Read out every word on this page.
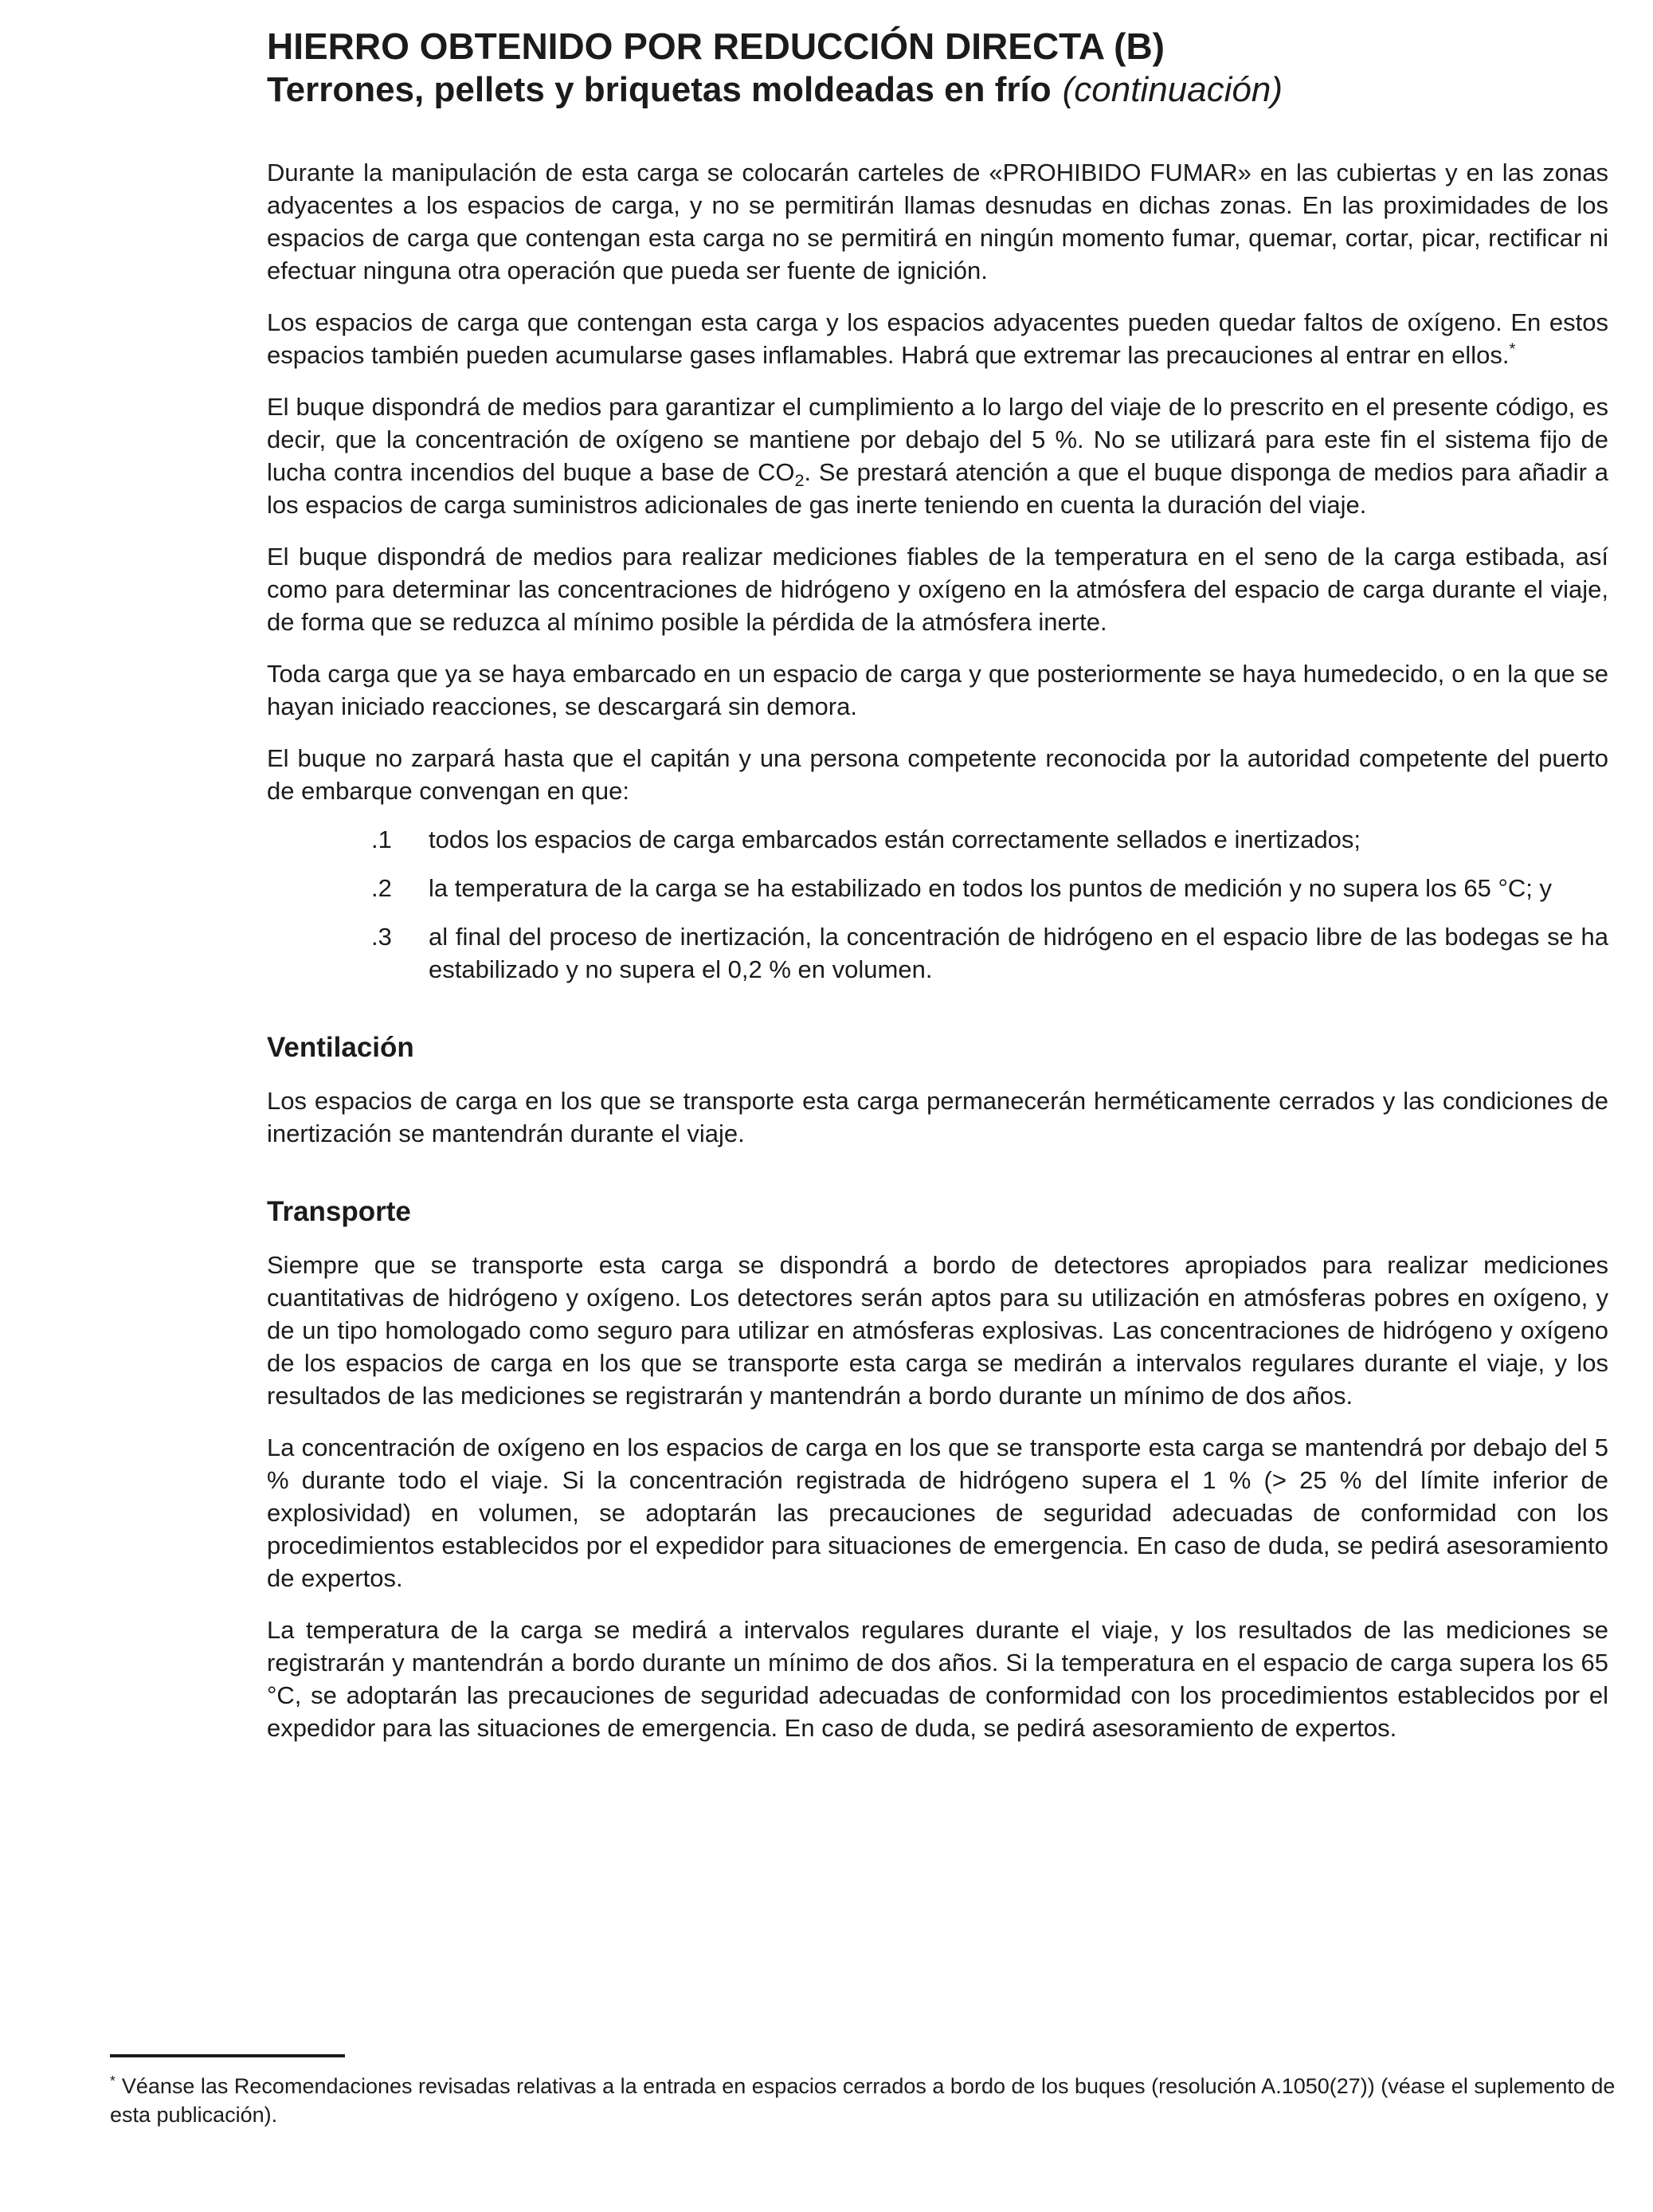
HIERRO OBTENIDO POR REDUCCIÓN DIRECTA (B)
Terrones, pellets y briquetas moldeadas en frío (continuación)

Durante la manipulación de esta carga se colocarán carteles de «PROHIBIDO FUMAR» en las cubiertas y en las zonas adyacentes a los espacios de carga, y no se permitirán llamas desnudas en dichas zonas. En las proximidades de los espacios de carga que contengan esta carga no se permitirá en ningún momento fumar, quemar, cortar, picar, rectificar ni efectuar ninguna otra operación que pueda ser fuente de ignición.

Los espacios de carga que contengan esta carga y los espacios adyacentes pueden quedar faltos de oxígeno. En estos espacios también pueden acumularse gases inflamables. Habrá que extremar las precauciones al entrar en ellos.*

El buque dispondrá de medios para garantizar el cumplimiento a lo largo del viaje de lo prescrito en el presente código, es decir, que la concentración de oxígeno se mantiene por debajo del 5 %. No se utilizará para este fin el sistema fijo de lucha contra incendios del buque a base de $CO_2$. Se prestará atención a que el buque disponga de medios para añadir a los espacios de carga suministros adicionales de gas inerte teniendo en cuenta la duración del viaje.

El buque dispondrá de medios para realizar mediciones fiables de la temperatura en el seno de la carga estibada, así como para determinar las concentraciones de hidrógeno y oxígeno en la atmósfera del espacio de carga durante el viaje, de forma que se reduzca al mínimo posible la pérdida de la atmósfera inerte.

Toda carga que ya se haya embarcado en un espacio de carga y que posteriormente se haya humedecido, o en la que se hayan iniciado reacciones, se descargará sin demora.

El buque no zarpará hasta que el capitán y una persona competente reconocida por la autoridad competente del puerto de embarque convengan en que:

.1	todos los espacios de carga embarcados están correctamente sellados e inertizados;
.2	la temperatura de la carga se ha estabilizado en todos los puntos de medición y no supera los 65 °C; y
.3	al final del proceso de inertización, la concentración de hidrógeno en el espacio libre de las bodegas se ha estabilizado y no supera el 0,2 % en volumen.
Ventilación

Los espacios de carga en los que se transporte esta carga permanecerán herméticamente cerrados y las condiciones de inertización se mantendrán durante el viaje.

Transporte

Siempre que se transporte esta carga se dispondrá a bordo de detectores apropiados para realizar mediciones cuantitativas de hidrógeno y oxígeno. Los detectores serán aptos para su utilización en atmósferas pobres en oxígeno, y de un tipo homologado como seguro para utilizar en atmósferas explosivas. Las concentraciones de hidrógeno y oxígeno de los espacios de carga en los que se transporte esta carga se medirán a intervalos regulares durante el viaje, y los resultados de las mediciones se registrarán y mantendrán a bordo durante un mínimo de dos años.

La concentración de oxígeno en los espacios de carga en los que se transporte esta carga se mantendrá por debajo del 5 % durante todo el viaje. Si la concentración registrada de hidrógeno supera el 1 % (> 25 % del límite inferior de explosividad) en volumen, se adoptarán las precauciones de seguridad adecuadas de conformidad con los procedimientos establecidos por el expedidor para situaciones de emergencia. En caso de duda, se pedirá asesoramiento de expertos.

La temperatura de la carga se medirá a intervalos regulares durante el viaje, y los resultados de las mediciones se registrarán y mantendrán a bordo durante un mínimo de dos años. Si la temperatura en el espacio de carga supera los 65 °C, se adoptarán las precauciones de seguridad adecuadas de conformidad con los procedimientos establecidos por el expedidor para las situaciones de emergencia. En caso de duda, se pedirá asesoramiento de expertos.

* Véanse las Recomendaciones revisadas relativas a la entrada en espacios cerrados a bordo de los buques (resolución A.1050(27)) (véase el suplemento de esta publicación).
